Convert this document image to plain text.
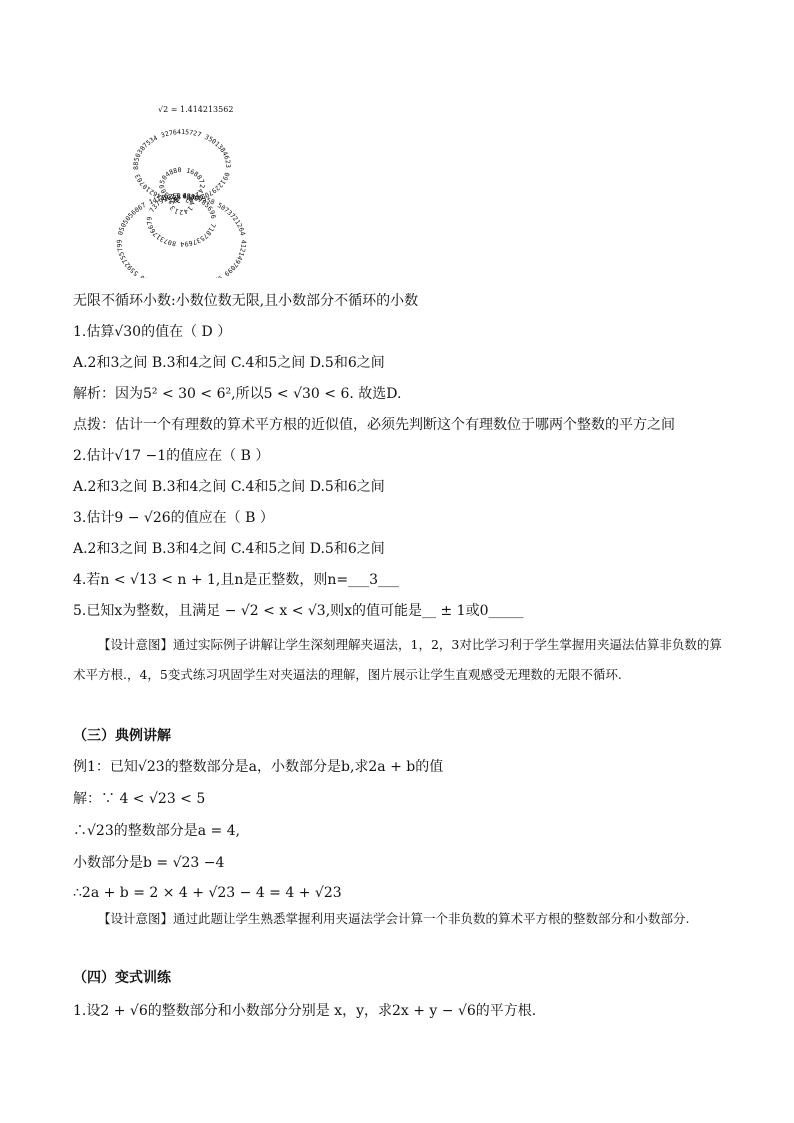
1.4142135623 7309504880 1688724209 6980785696 7187537694 8073176679 7379907324 7846210703 8850387534 3276415727 3501384623 0912297024 9248360558 5073721264 4121497099 9 0 5592755799 0505056067 1471025607
√2 = 1.414213562
无限不循环小数:小数位数无限,且小数部分不循环的小数
1.估算√30的值在（ D ）
A.2和3之间 B.3和4之间 C.4和5之间 D.5和6之间
解析：因为5² < 30 < 6²,所以5 < √30 < 6. 故选D.
点拨：估计一个有理数的算术平方根的近似值，必须先判断这个有理数位于哪两个整数的平方之间
2.估计√17 −1的值应在（ B ）
A.2和3之间 B.3和4之间 C.4和5之间 D.5和6之间
3.估计9 − √26的值应在（ B ）
A.2和3之间 B.3和4之间 C.4和5之间 D.5和6之间
4.若n < √13 < n + 1,且n是正整数，则n=___3___
5.已知x为整数，且满足 − √2 < x < √3,则x的值可能是__ ± 1或0_____
【设计意图】通过实际例子讲解让学生深刻理解夹逼法，1，2，3对比学习利于学生掌握用夹逼法估算非负数的算术平方根.，4，5变式练习巩固学生对夹逼法的理解，图片展示让学生直观感受无理数的无限不循环.
（三）典例讲解
例1：已知√23的整数部分是a，小数部分是b,求2a + b的值
解：∵ 4 < √23 < 5
∴√23的整数部分是a = 4,
小数部分是b = √23 −4
∴2a + b = 2 × 4 + √23 − 4 = 4 + √23
【设计意图】通过此题让学生熟悉掌握利用夹逼法学会计算一个非负数的算术平方根的整数部分和小数部分.
（四）变式训练
1.设2 + √6的整数部分和小数部分分别是 x，y，求2x + y − √6的平方根.
